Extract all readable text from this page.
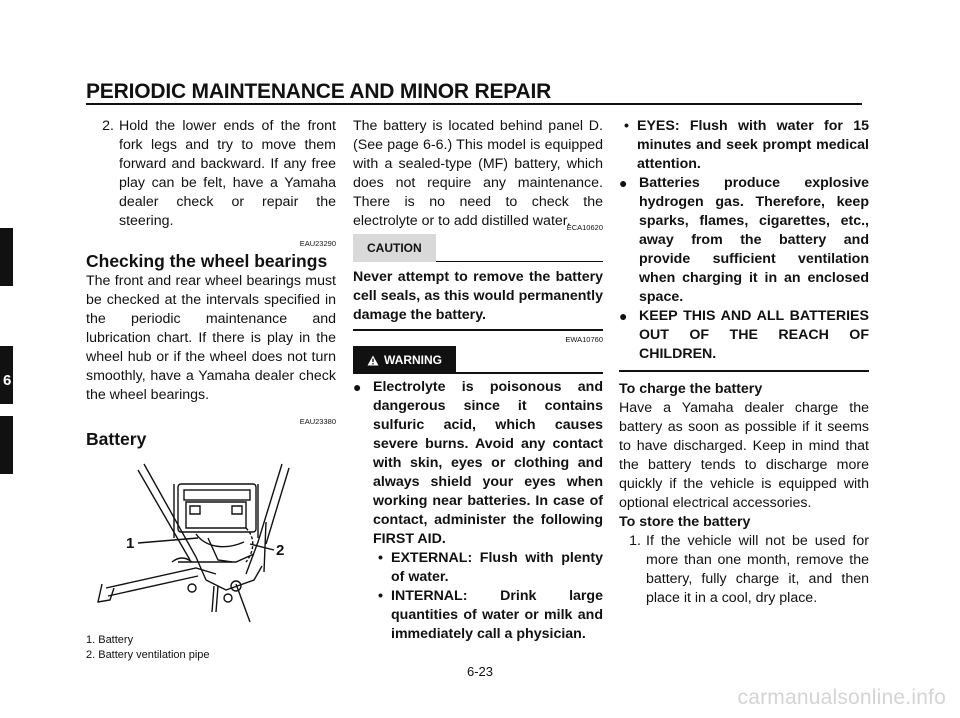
PERIODIC MAINTENANCE AND MINOR REPAIR
6
2. Hold the lower ends of the front fork legs and try to move them forward and backward. If any free play can be felt, have a Yamaha dealer check or repair the steering.
EAU23290
Checking the wheel bearings

The front and rear wheel bearings must be checked at the intervals specified in the periodic maintenance and lubrication chart. If there is play in the wheel hub or if the wheel does not turn smoothly, have a Yamaha dealer check the wheel bearings.

EAU23380
Battery
1	2
1. Battery
2. Battery ventilation pipe

The battery is located behind panel D. (See page 6-6.) This model is equipped with a sealed-type (MF) battery, which does not require any maintenance. There is no need to check the electrolyte or to add distilled water.

ECA10620
CAUTION

Never attempt to remove the battery cell seals, as this would permanently damage the battery.

EWA10760
WARNING
● Electrolyte is poisonous and dangerous since it contains sulfuric acid, which causes severe burns. Avoid any contact with skin, eyes or clothing and always shield your eyes when working near batteries. In case of contact, administer the following FIRST AID.
• EXTERNAL: Flush with plenty of water.
• INTERNAL: Drink large quantities of water or milk and immediately call a physician.
• EYES: Flush with water for 15 minutes and seek prompt medical attention.
● Batteries produce explosive hydrogen gas. Therefore, keep sparks, flames, cigarettes, etc., away from the battery and provide sufficient ventilation when charging it in an enclosed space.
● KEEP THIS AND ALL BATTERIES OUT OF THE REACH OF CHILDREN.

To charge the battery

Have a Yamaha dealer charge the battery as soon as possible if it seems to have discharged. Keep in mind that the battery tends to discharge more quickly if the vehicle is equipped with optional electrical accessories.

To store the battery

1. If the vehicle will not be used for more than one month, remove the battery, fully charge it, and then place it in a cool, dry place.
6-23
carmanualsonline.info
